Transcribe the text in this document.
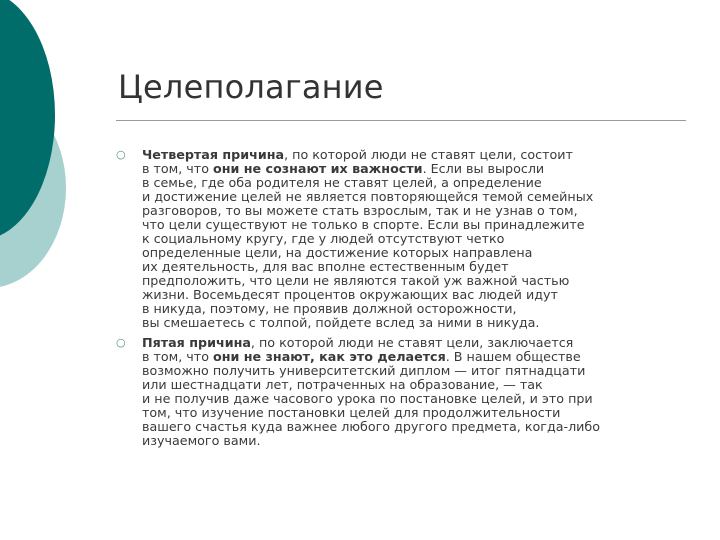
Целеполагание
○ Четвертая причина, по которой люди не ставят цели, состоит
в том, что они не сознают их важности. Если вы выросли
в семье, где оба родителя не ставят целей, а определение
и достижение целей не является повторяющейся темой семейных
разговоров, то вы можете стать взрослым, так и не узнав о том,
что цели существуют не только в спорте. Если вы принадлежите
к социальному кругу, где у людей отсутствуют четко
определенные цели, на достижение которых направлена
их деятельность, для вас вполне естественным будет
предположить, что цели не являются такой уж важной частью
жизни. Восемьдесят процентов окружающих вас людей идут
в никуда, поэтому, не проявив должной осторожности,
вы смешаетесь с толпой, пойдете вслед за ними в никуда.
○ Пятая причина, по которой люди не ставят цели, заключается
в том, что они не знают, как это делается. В нашем обществе
возможно получить университетский диплом — итог пятнадцати
или шестнадцати лет, потраченных на образование, — так
и не получив даже часового урока по постановке целей, и это при
том, что изучение постановки целей для продолжительности
вашего счастья куда важнее любого другого предмета, когда-либо
изучаемого вами.
